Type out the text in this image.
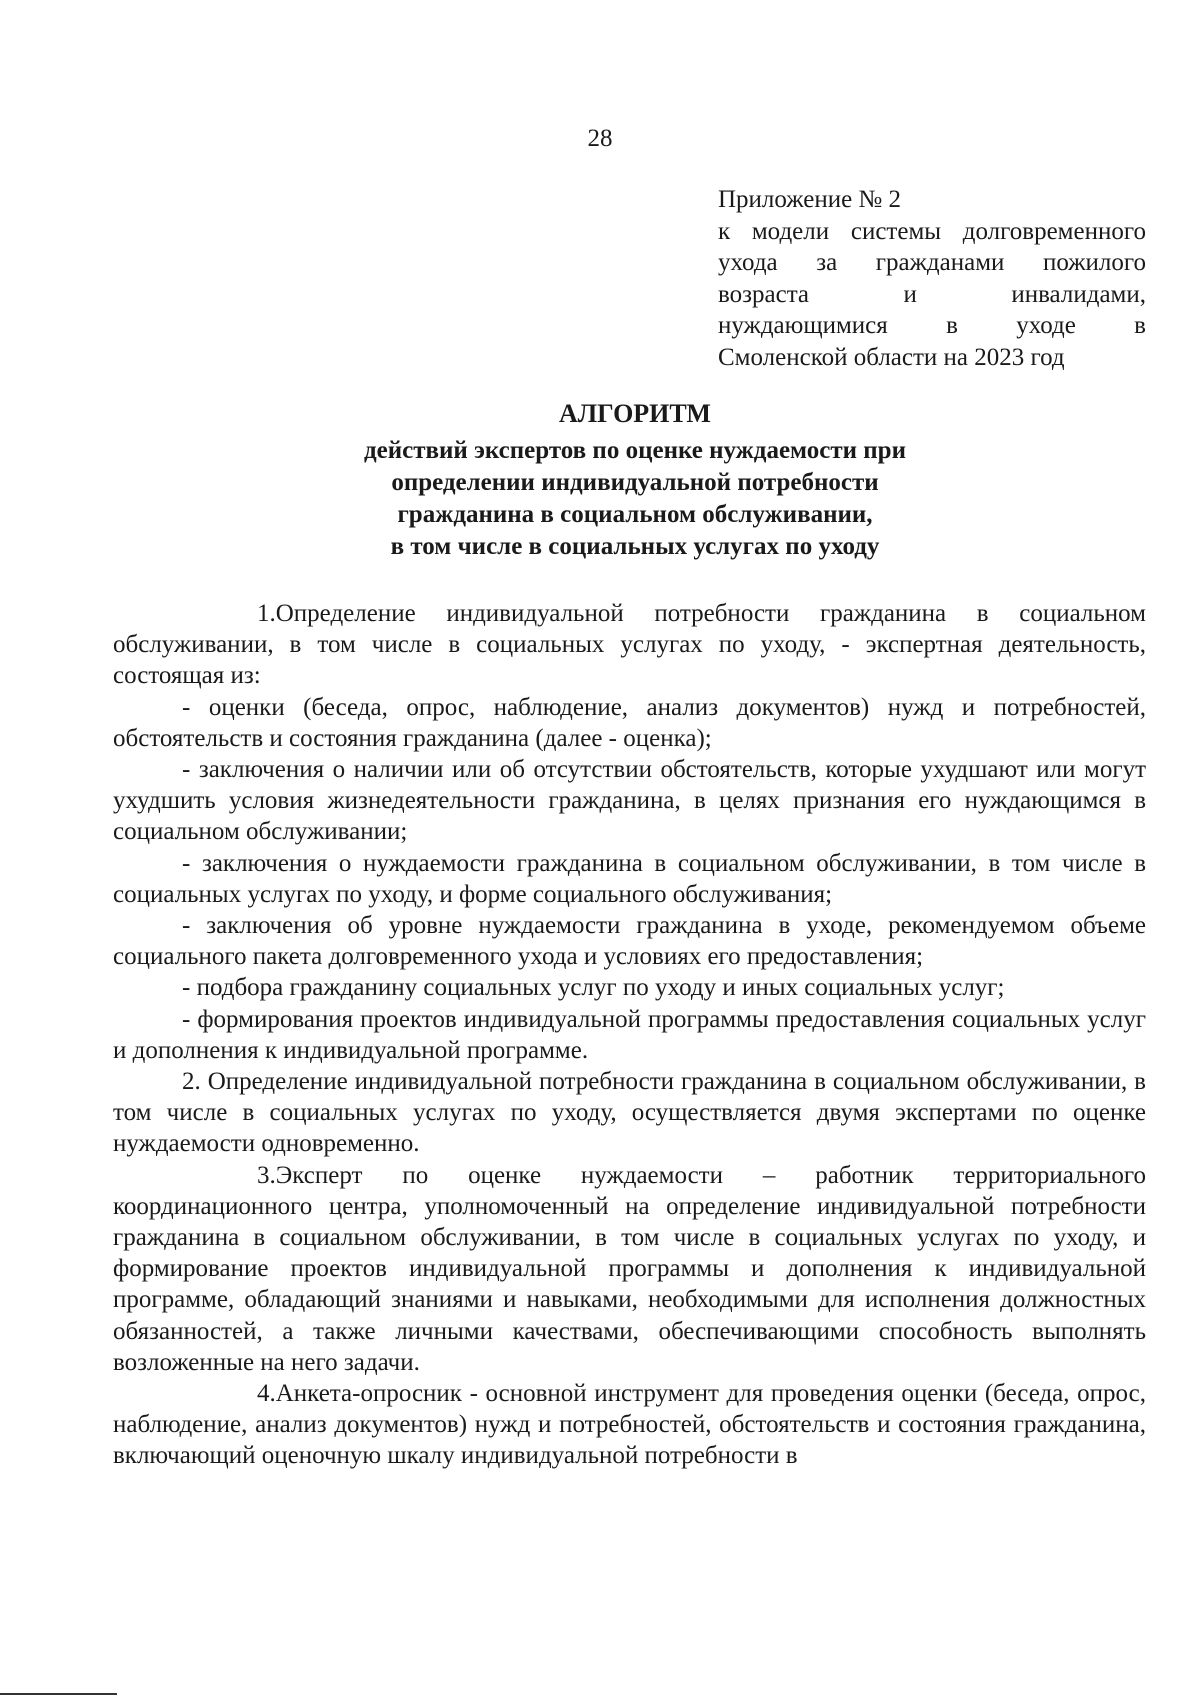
28
Приложение № 2
к модели системы долговременного
ухода за гражданами пожилого
возраста и инвалидами,
нуждающимися в уходе в
Смоленской области на 2023 год
АЛГОРИТМ
действий экспертов по оценке нуждаемости при
определении индивидуальной потребности
гражданина в социальном обслуживании,
в том числе в социальных услугах по уходу

1.Определение индивидуальной потребности гражданина в социальном обслуживании, в том числе в социальных услугах по уходу, - экспертная деятельность, состоящая из:

- оценки (беседа, опрос, наблюдение, анализ документов) нужд и потребностей, обстоятельств и состояния гражданина (далее - оценка);

- заключения о наличии или об отсутствии обстоятельств, которые ухудшают или могут ухудшить условия жизнедеятельности гражданина, в целях признания его нуждающимся в социальном обслуживании;

- заключения о нуждаемости гражданина в социальном обслуживании, в том числе в социальных услугах по уходу, и форме социального обслуживания;

- заключения об уровне нуждаемости гражданина в уходе, рекомендуемом объеме социального пакета долговременного ухода и условиях его предоставления;

- подбора гражданину социальных услуг по уходу и иных социальных услуг;

- формирования проектов индивидуальной программы предоставления социальных услуг и дополнения к индивидуальной программе.

2. Определение индивидуальной потребности гражданина в социальном обслуживании, в том числе в социальных услугах по уходу, осуществляется двумя экспертами по оценке нуждаемости одновременно.

3.Эксперт по оценке нуждаемости – работник территориального координационного центра, уполномоченный на определение индивидуальной потребности гражданина в социальном обслуживании, в том числе в социальных услугах по уходу, и формирование проектов индивидуальной программы и дополнения к индивидуальной программе, обладающий знаниями и навыками, необходимыми для исполнения должностных обязанностей, а также личными качествами, обеспечивающими способность выполнять возложенные на него задачи.

4.Анкета-опросник - основной инструмент для проведения оценки (беседа, опрос, наблюдение, анализ документов) нужд и потребностей, обстоятельств и состояния гражданина, включающий оценочную шкалу индивидуальной потребности в
